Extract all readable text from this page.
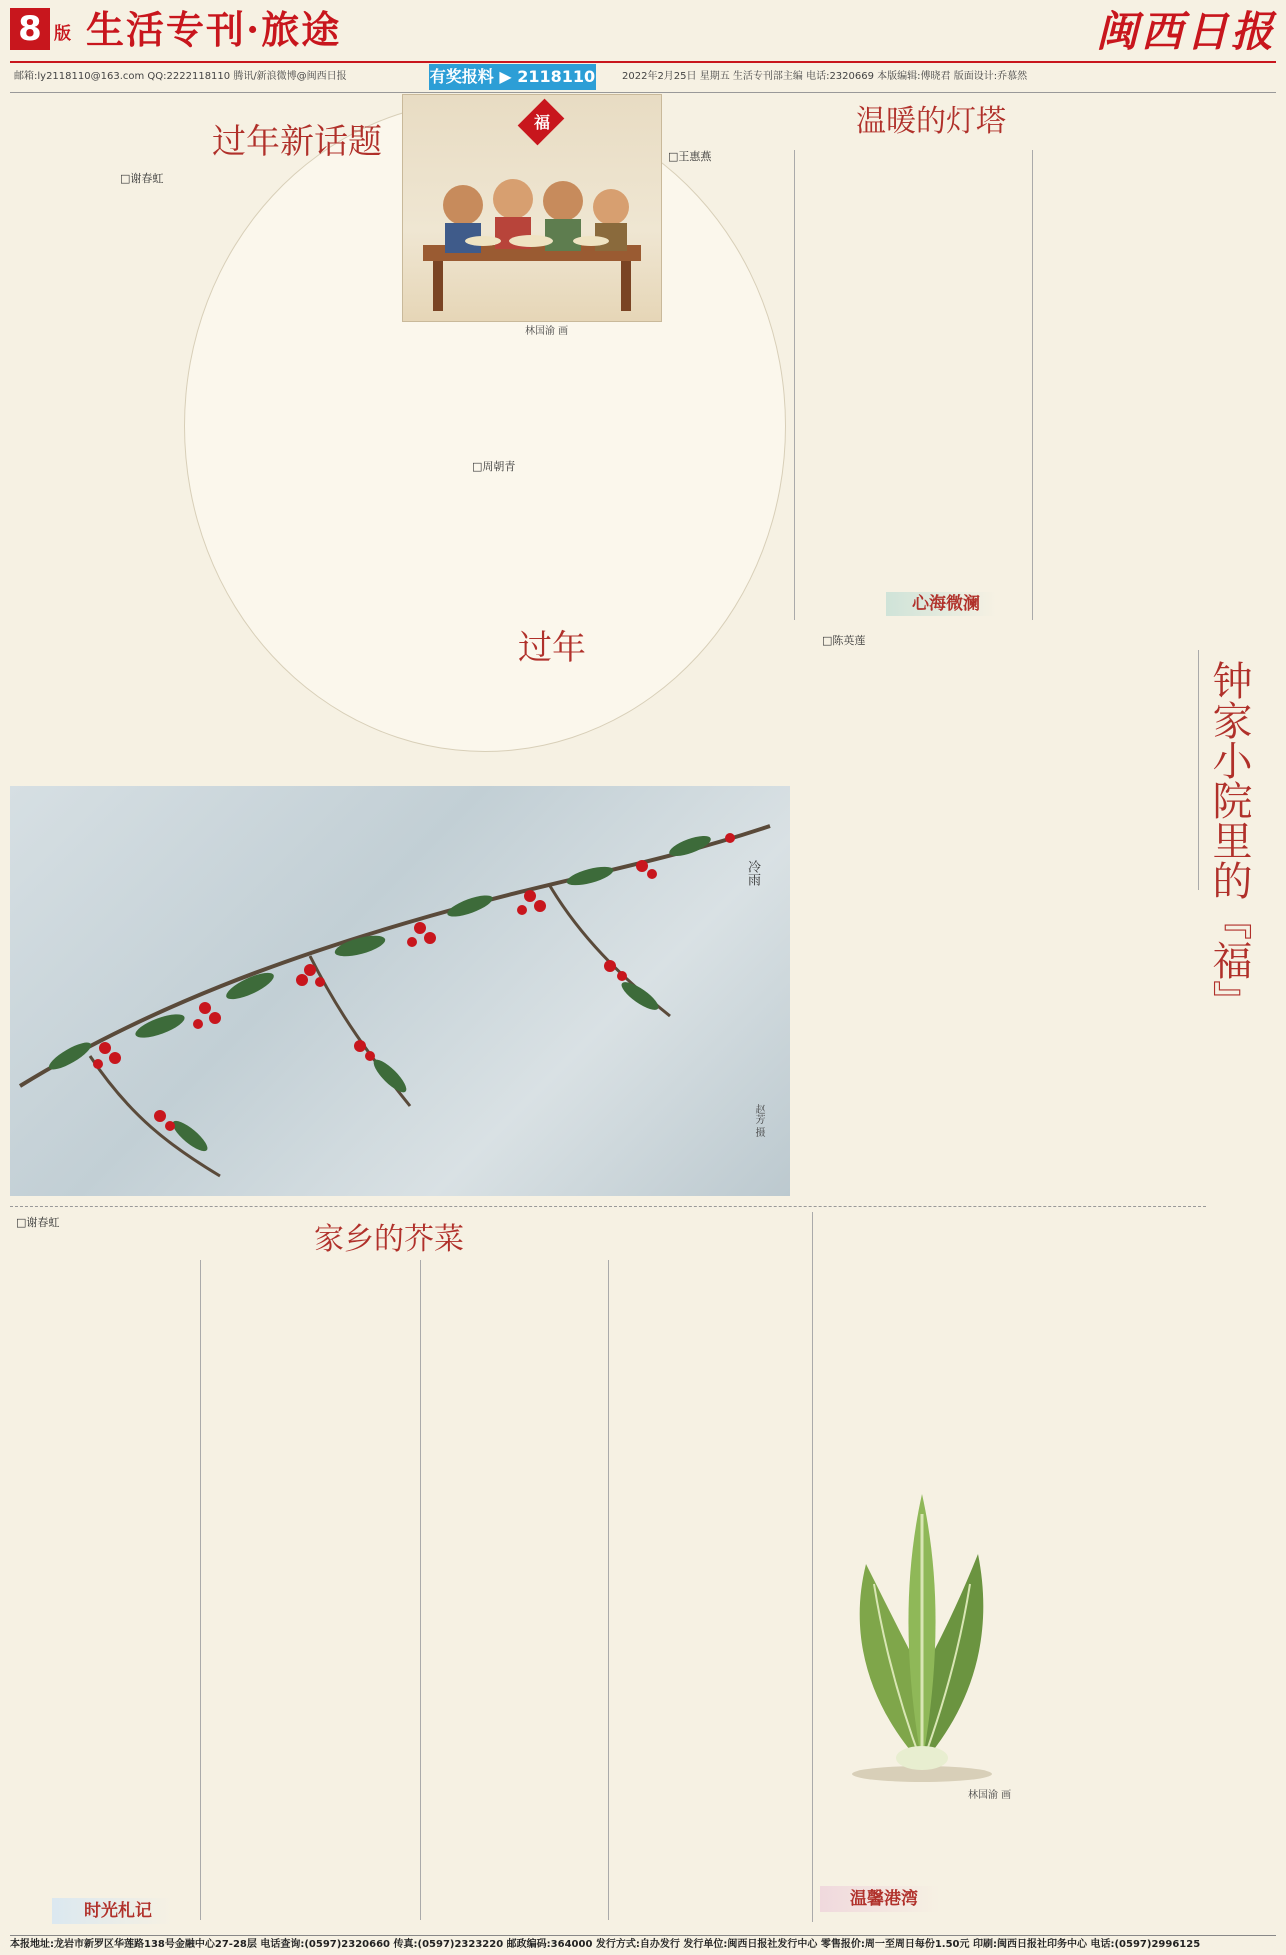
8 版 生活专刊·旅途	闽西日报
邮箱:ly2118110@163.com QQ:2222118110 腾讯/新浪微博@闽西日报	有奖报料 ▶ 2118110	2022年2月25日 星期五 生活专刊部主编 电话:2320669 本版编辑:傅晓君 版面设计:乔慕然
过年新话题
□谢春虹
□周朝青
过年
福
林国渝 画
温暖的灯塔
□王惠燕
心海微澜
□陈英莲
钟家小院里的『福』
冷雨
赵芳 摄
□谢春虹	家乡的芥菜
林国渝 画
时光札记
温馨港湾
本报地址:龙岩市新罗区华莲路138号金融中心27-28层 电话查询:(0597)2320660 传真:(0597)2323220 邮政编码:364000 发行方式:自办发行 发行单位:闽西日报社发行中心 零售报价:周一至周日每份1.50元 印刷:闽西日报社印务中心 电话:(0597)2996125
